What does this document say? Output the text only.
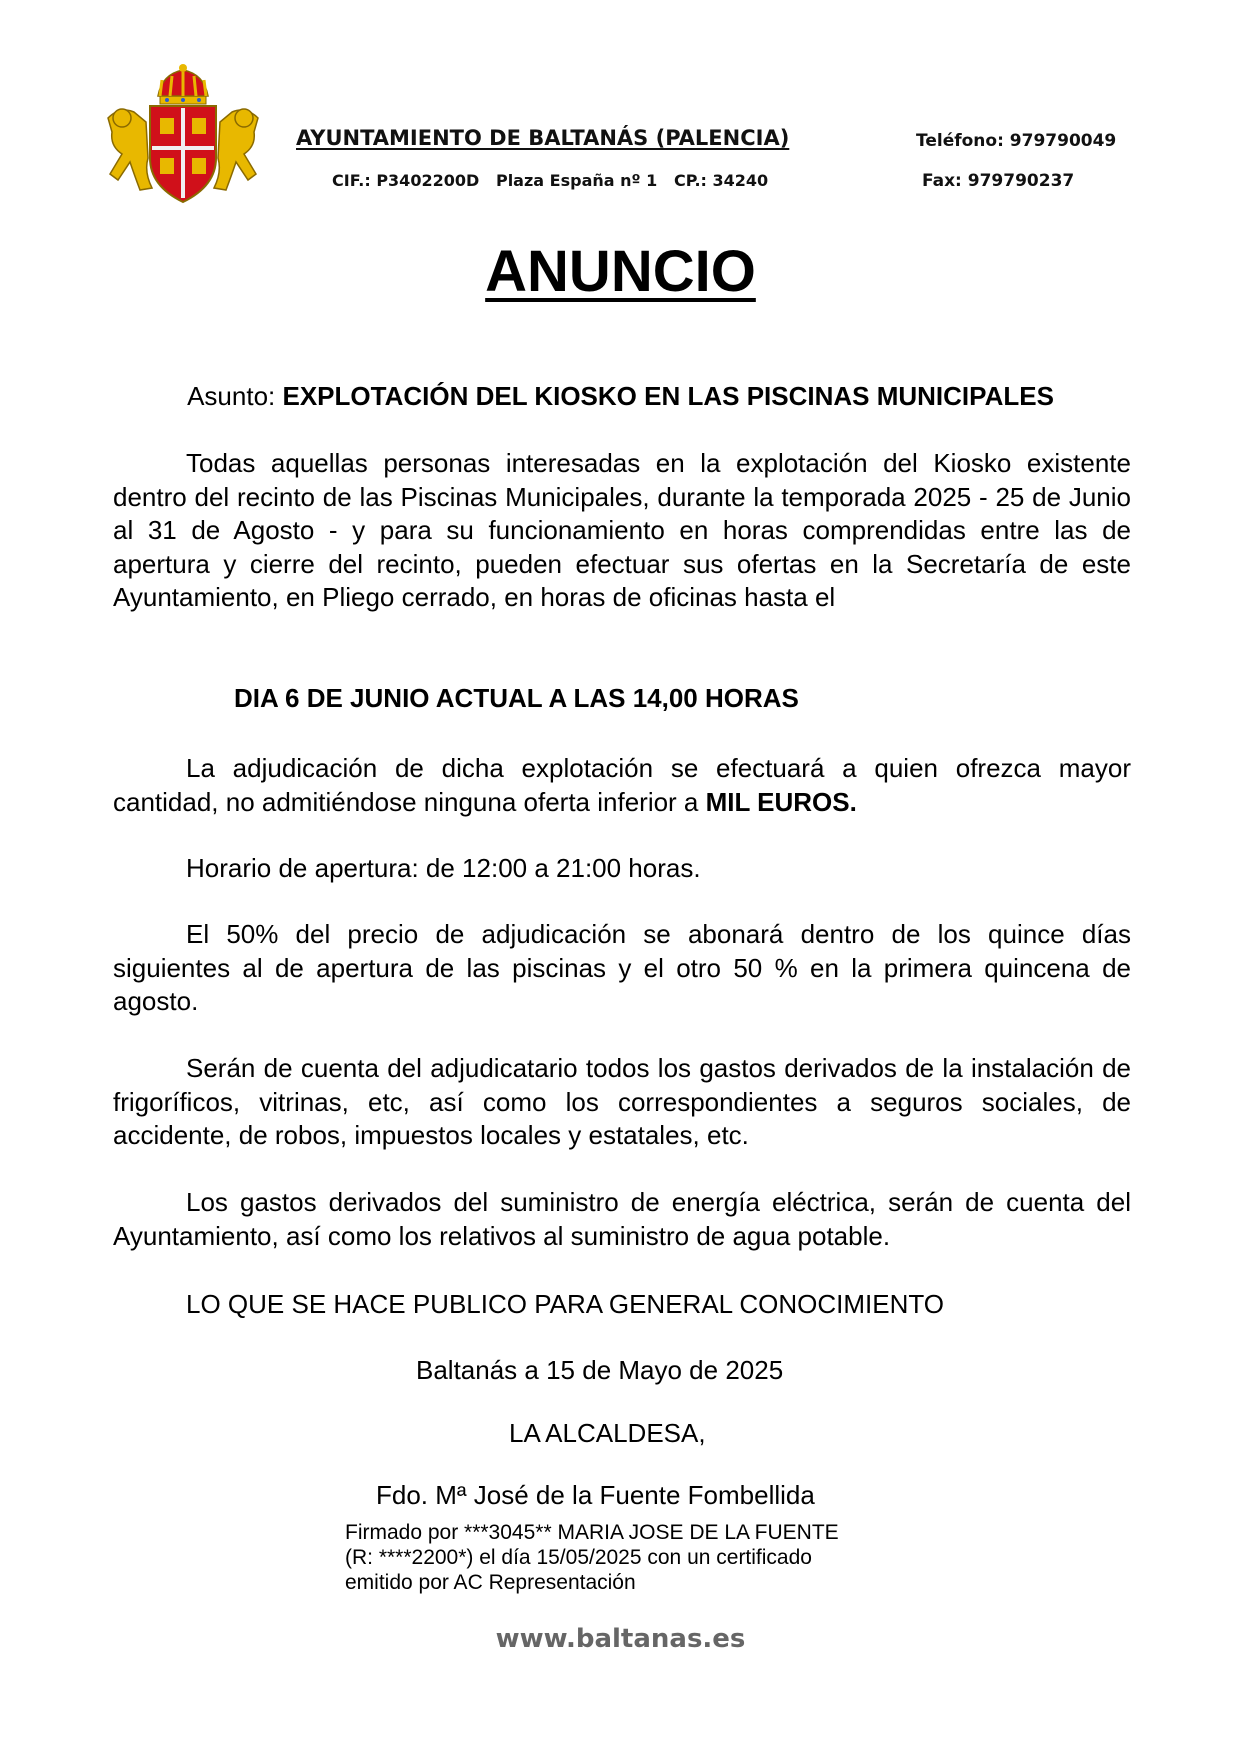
AYUNTAMIENTO DE BALTANÁS (PALENCIA)	Teléfono: 979790049
CIF.: P3402200D   Plaza España nº 1   CP.: 34240	Fax: 979790237
ANUNCIO
Asunto: EXPLOTACIÓN DEL KIOSKO EN LAS PISCINAS MUNICIPALES

Todas aquellas personas interesadas en la explotación del Kiosko existente dentro del recinto de las Piscinas Municipales, durante la temporada 2025 - 25 de Junio al 31 de Agosto - y para su funcionamiento en horas comprendidas entre las de apertura y cierre del recinto, pueden efectuar sus ofertas en la Secretaría de este Ayuntamiento, en Pliego cerrado, en horas de oficinas hasta el

DIA 6 DE JUNIO ACTUAL A LAS 14,00 HORAS

La adjudicación de dicha explotación se efectuará a quien ofrezca mayor cantidad, no admitiéndose ninguna oferta inferior a MIL EUROS.

Horario de apertura: de 12:00 a 21:00 horas.

El 50% del precio de adjudicación se abonará dentro de los quince días siguientes al de apertura de las piscinas y el otro 50 % en la primera quincena de agosto.

Serán de cuenta del adjudicatario todos los gastos derivados de la instalación de frigoríficos, vitrinas, etc, así como los correspondientes a seguros sociales, de accidente, de robos, impuestos locales y estatales, etc.

Los gastos derivados del suministro de energía eléctrica, serán de cuenta del Ayuntamiento, así como los relativos al suministro de agua potable.

LO QUE SE HACE PUBLICO PARA GENERAL CONOCIMIENTO
Baltanás a 15 de Mayo de 2025
LA ALCALDESA,
Fdo. Mª José de la Fuente Fombellida
Firmado por ***3045** MARIA JOSE DE LA FUENTE (R: ****2200*) el día 15/05/2025 con un certificado emitido por AC Representación
www.baltanas.es
